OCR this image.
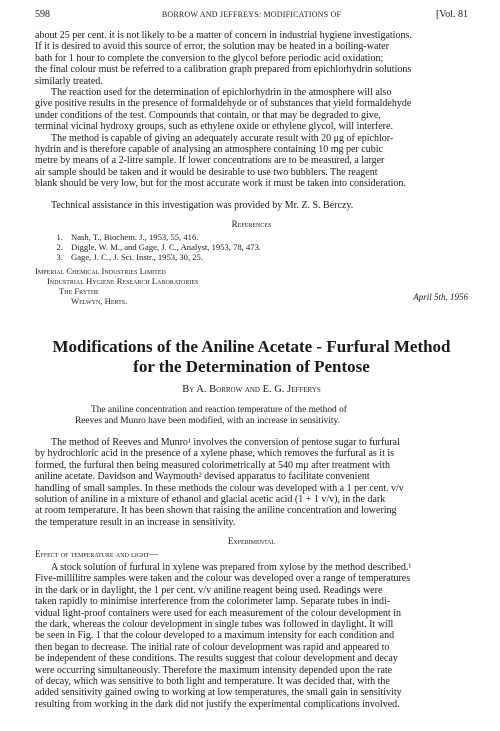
598	BORROW AND JEFFREYS: MODIFICATIONS OF	[Vol. 81

about 25 per cent. it is not likely to be a matter of concern in industrial hygiene investigations.

If it is desired to avoid this source of error, the solution may be heated in a boiling-water

bath for 1 hour to complete the conversion to the glycol before periodic acid oxidation;

the final colour must be referred to a calibration graph prepared from epichlorhydrin solutions

similarly treated.

The reaction used for the determination of epichlorhydrin in the atmosphere will also

give positive results in the presence of formaldehyde or of substances that yield formaldehyde

under conditions of the test. Compounds that contain, or that may be degraded to give,

terminal vicinal hydroxy groups, such as ethylene oxide or ethylene glycol, will interfere.

The method is capable of giving an adequately accurate result with 20 μg of epichlor-

hydrin and is therefore capable of analysing an atmosphere containing 10 mg per cubic

metre by means of a 2-litre sample. If lower concentrations are to be measured, a larger

air sample should be taken and it would be desirable to use two bubblers. The reagent

blank should be very low, but for the most accurate work it must be taken into consideration.

Technical assistance in this investigation was provided by Mr. Z. S. Berczy.

References
1. Nash, T., Biochem. J., 1953, 55, 416.
2. Diggle, W. M., and Gage, J. C., Analyst, 1953, 78, 473.
3. Gage, J. C., J. Sci. Instr., 1953, 30, 25.
Imperial Chemical Industries Limited
Industrial Hygiene Research Laboratories
The Frythe
Welwyn, Herts.	April 5th, 1956
Modifications of the Aniline Acetate - Furfural Method
for the Determination of Pentose
By A. Borrow and E. G. Jefferys

The aniline concentration and reaction temperature of the method of

Reeves and Munro have been modified, with an increase in sensitivity.

The method of Reeves and Munro¹ involves the conversion of pentose sugar to furfural

by hydrochloric acid in the presence of a xylene phase, which removes the furfural as it is

formed, the furfural then being measured colorimetrically at 540 mμ after treatment with

aniline acetate. Davidson and Waymouth² devised apparatus to facilitate convenient

handling of small samples. In these methods the colour was developed with a 1 per cent. v/v

solution of aniline in a mixture of ethanol and glacial acetic acid (1 + 1 v/v), in the dark

at room temperature. It has been shown that raising the aniline concentration and lowering

the temperature result in an increase in sensitivity.

Experimental
Effect of temperature and light—

A stock solution of furfural in xylene was prepared from xylose by the method described.¹

Five-millilitre samples were taken and the colour was developed over a range of temperatures

in the dark or in daylight, the 1 per cent. v/v aniline reagent being used. Readings were

taken rapidly to minimise interference from the colorimeter lamp. Separate tubes in indi-

vidual light-proof containers were used for each measurement of the colour development in

the dark, whereas the colour development in single tubes was followed in daylight. It will

be seen in Fig. 1 that the colour developed to a maximum intensity for each condition and

then began to decrease. The initial rate of colour development was rapid and appeared to

be independent of these conditions. The results suggest that colour development and decay

were occurring simultaneously. Therefore the maximum intensity depended upon the rate

of decay, which was sensitive to both light and temperature. It was decided that, with the

added sensitivity gained owing to working at low temperatures, the small gain in sensitivity

resulting from working in the dark did not justify the experimental complications involved.
